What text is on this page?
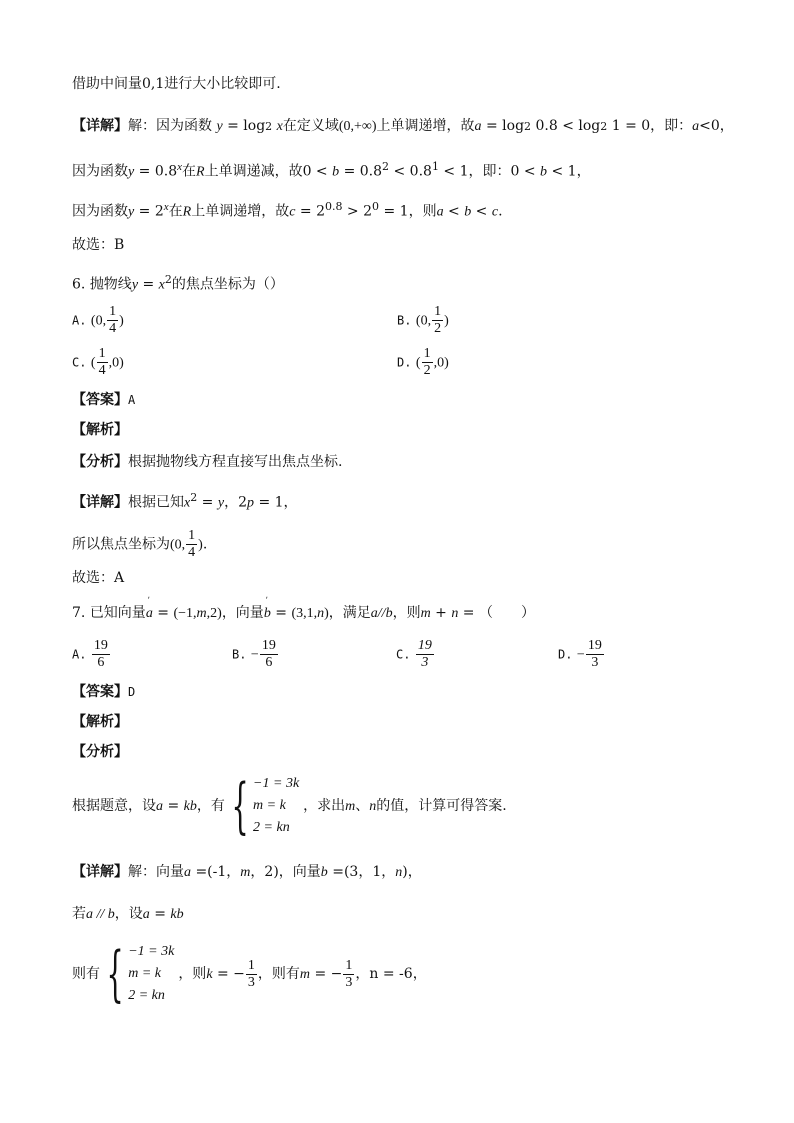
借助中间量0,1进行大小比较即可.
【详解】解：因为函数 y = log2 x在定义域(0,+∞)上单调递增，故a = log2 0.8 < log2 1 = 0，即：a<0，
因为函数$y = 0.8^x$在R上单调递减，故$0 < b = 0.8^2 < 0.8^1 < 1$，即：0 < b < 1，
因为函数$y = 2^x$在R上单调递增，故$c = 2^{0.8} > 2^0 = 1$，则a < b < c.
故选：B
6. 抛物线$y = x^2$的焦点坐标为（）
A. (0, $\frac{1}{4}$ )	B. (0, $\frac{1}{2}$ )
C. ( $\frac{1}{4} ,0$)	D. ( $\frac{1}{2} ,0$)
【答案】A
【解析】
【分析】根据抛物线方程直接写出焦点坐标.
【详解】根据已知$x^2 = y$，2p = 1，
所以焦点坐标为(0, $\frac{1}{4}$ ).
故选：A
7. 已知向量a
ʹ
= (−1,m,2)，向量b
ʹ
= (3,1,n)，满足a//b，则m + n = （　　）
A. $\frac{19}{6}$	B. − $\frac{19}{6}$	C. $\frac{19}{3}$	D. − $\frac{19}{3}$
【答案】D
【解析】
【分析】
根据题意，设a = kb，有 { −1 = 3k
m = k
2 = kn
，求出m、n的值，计算可得答案.
【详解】解：向量a =(-1，m，2)，向量b =(3，1，n)，
若a // b，设a = kb
则有 { −1 = 3k
m = k
2 = kn
，则k = − $\frac{1}{3}$ ，则有m = − $\frac{1}{3}$ ，n = -6，
